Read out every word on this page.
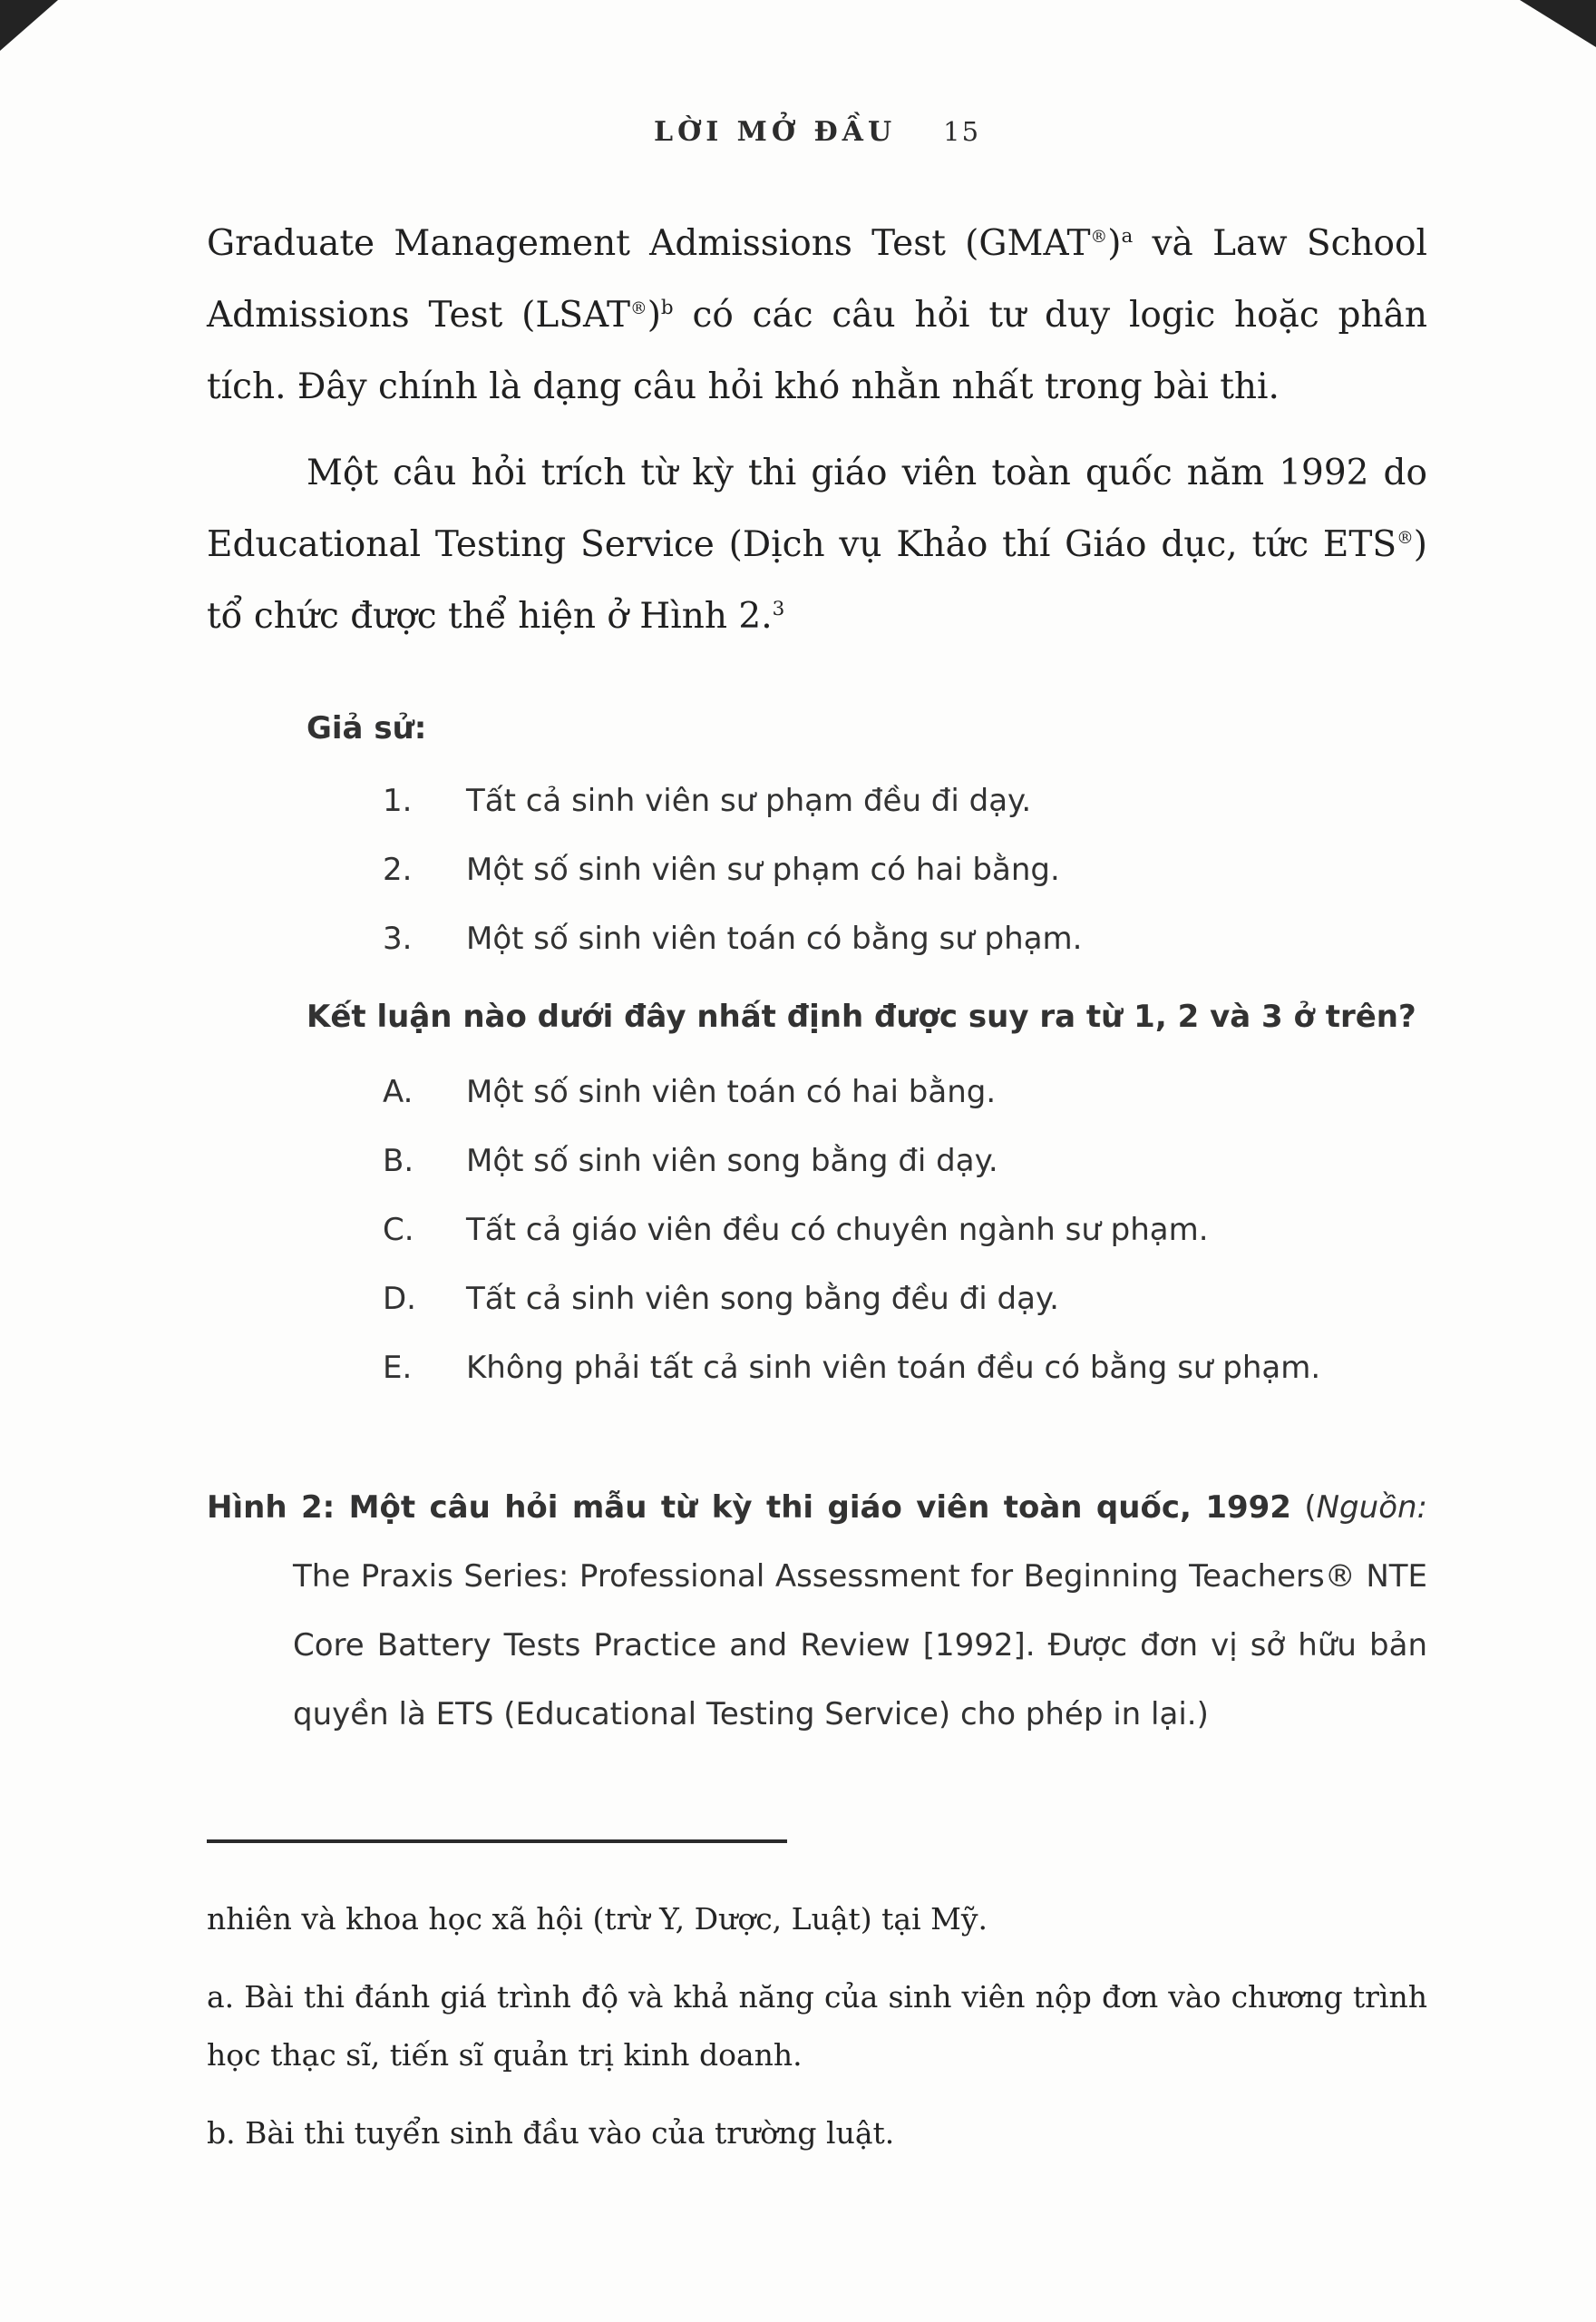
LỜI MỞ ĐẦU 15

Graduate Management Admissions Test (GMAT®)$^a$ và Law School Admissions Test (LSAT®)$^b$ có các câu hỏi tư duy logic hoặc phân tích. Đây chính là dạng câu hỏi khó nhằn nhất trong bài thi.

Một câu hỏi trích từ kỳ thi giáo viên toàn quốc năm 1992 do Educational Testing Service (Dịch vụ Khảo thí Giáo dục, tức ETS®) tổ chức được thể hiện ở Hình 2.$^3$

Giả sử:
1.	Tất cả sinh viên sư phạm đều đi dạy.
2.	Một số sinh viên sư phạm có hai bằng.
3.	Một số sinh viên toán có bằng sư phạm.
Kết luận nào dưới đây nhất định được suy ra từ 1, 2 và 3 ở trên?
A.	Một số sinh viên toán có hai bằng.
B.	Một số sinh viên song bằng đi dạy.
C.	Tất cả giáo viên đều có chuyên ngành sư phạm.
D.	Tất cả sinh viên song bằng đều đi dạy.
E.	Không phải tất cả sinh viên toán đều có bằng sư phạm.

Hình 2: Một câu hỏi mẫu từ kỳ thi giáo viên toàn quốc, 1992 (Nguồn: The Praxis Series: Professional Assessment for Beginning Teachers® NTE Core Battery Tests Practice and Review [1992]. Được đơn vị sở hữu bản quyền là ETS (Educational Testing Service) cho phép in lại.)

nhiên và khoa học xã hội (trừ Y, Dược, Luật) tại Mỹ.

a. Bài thi đánh giá trình độ và khả năng của sinh viên nộp đơn vào chương trình học thạc sĩ, tiến sĩ quản trị kinh doanh.

b. Bài thi tuyển sinh đầu vào của trường luật.
